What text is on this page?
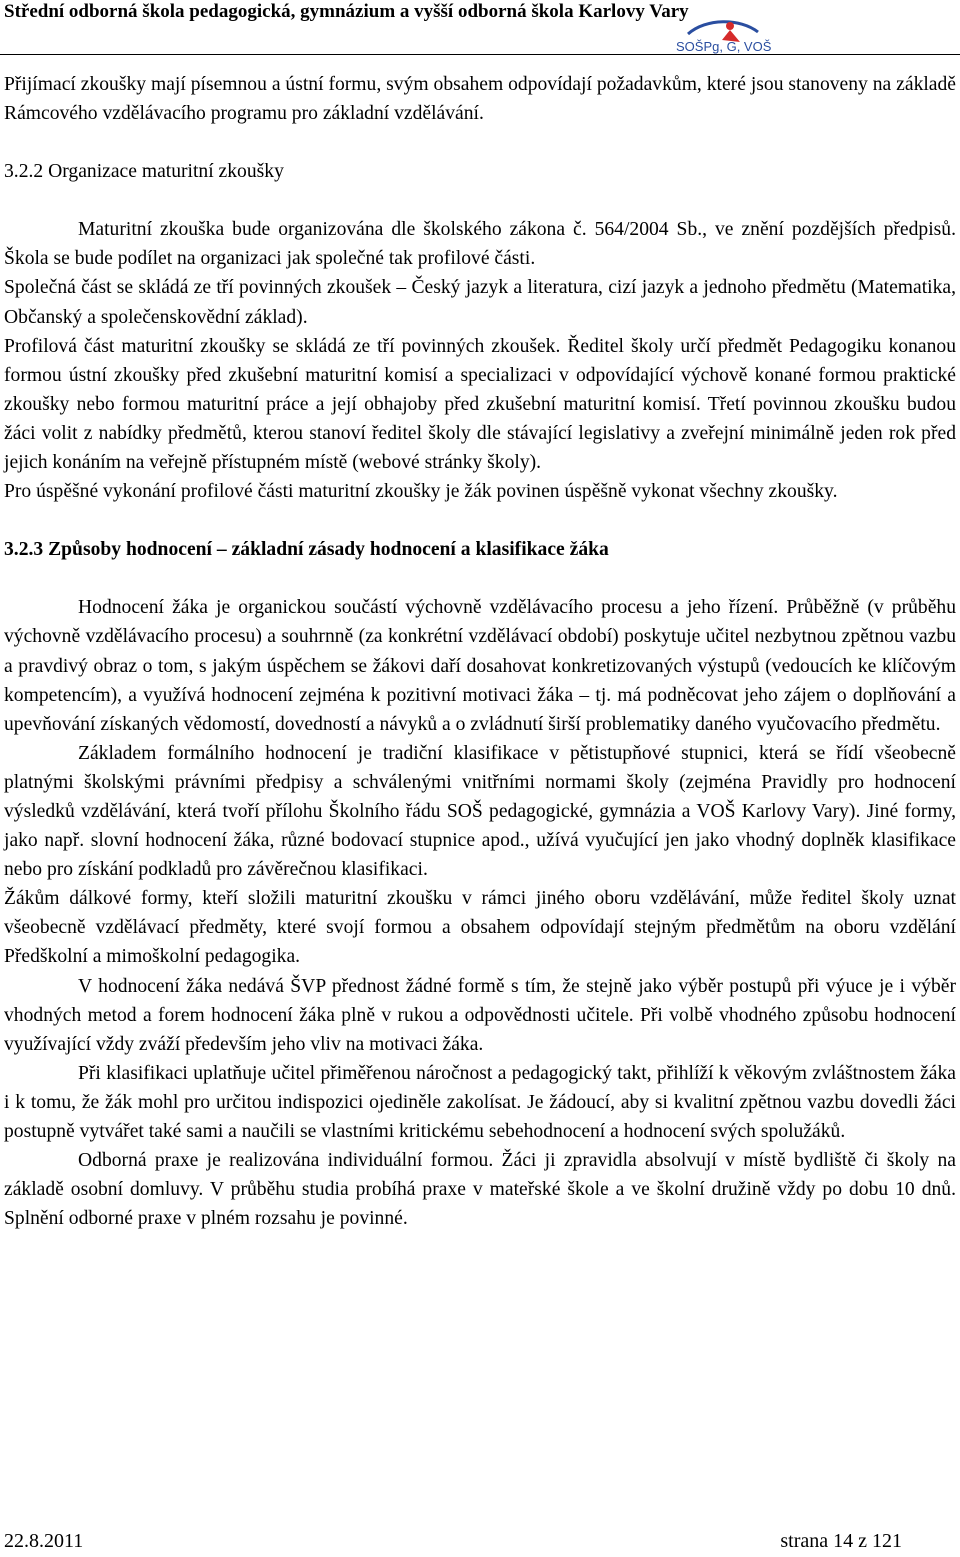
Střední odborná škola pedagogická, gymnázium a vyšší odborná škola Karlovy Vary
SOŠPg, G, VOŠ

Přijímací zkoušky mají písemnou a ústní formu, svým obsahem odpovídají požadavkům, které jsou stanoveny na základě Rámcového vzdělávacího programu pro základní vzdělávání.

3.2.2 Organizace maturitní zkoušky

Maturitní zkouška bude organizována dle školského zákona č. 564/2004 Sb., ve znění pozdějších předpisů. Škola se bude podílet na organizaci jak společné tak profilové části.

Společná část se skládá ze tří povinných zkoušek – Český jazyk a literatura, cizí jazyk a jednoho předmětu (Matematika, Občanský a společenskovědní základ).

Profilová část maturitní zkoušky se skládá ze tří povinných zkoušek. Ředitel školy určí předmět Pedagogiku konanou formou ústní zkoušky před zkušební maturitní komisí a specializaci v odpovídající výchově konané formou praktické zkoušky nebo formou maturitní práce a její obhajoby před zkušební maturitní komisí. Třetí povinnou zkoušku budou žáci volit z nabídky předmětů, kterou stanoví ředitel školy dle stávající legislativy a zveřejní minimálně jeden rok před jejich konáním na veřejně přístupném místě (webové stránky školy).

Pro úspěšné vykonání profilové části maturitní zkoušky je žák povinen úspěšně vykonat všechny zkoušky.

3.2.3 Způsoby hodnocení – základní zásady hodnocení a klasifikace žáka

Hodnocení žáka je organickou součástí výchovně vzdělávacího procesu a jeho řízení. Průběžně (v průběhu výchovně vzdělávacího procesu) a souhrnně (za konkrétní vzdělávací období) poskytuje učitel nezbytnou zpětnou vazbu a pravdivý obraz o tom, s jakým úspěchem se žákovi daří dosahovat konkretizovaných výstupů (vedoucích ke klíčovým kompetencím), a využívá hodnocení zejména k pozitivní motivaci žáka – tj. má podněcovat jeho zájem o doplňování a upevňování získaných vědomostí, dovedností a návyků a o zvládnutí širší problematiky daného vyučovacího předmětu.

Základem formálního hodnocení je tradiční klasifikace v pětistupňové stupnici, která se řídí všeobecně platnými školskými právními předpisy a schválenými vnitřními normami školy (zejména Pravidly pro hodnocení výsledků vzdělávání, která tvoří přílohu Školního řádu SOŠ pedagogické, gymnázia a VOŠ Karlovy Vary). Jiné formy, jako např. slovní hodnocení žáka, různé bodovací stupnice apod., užívá vyučující jen jako vhodný doplněk klasifikace nebo pro získání podkladů pro závěrečnou klasifikaci.

Žákům dálkové formy, kteří složili maturitní zkoušku v rámci jiného oboru vzdělávání, může ředitel školy uznat všeobecně vzdělávací předměty, které svojí formou a obsahem odpovídají stejným předmětům na oboru vzdělání Předškolní a mimoškolní pedagogika.

V hodnocení žáka nedává ŠVP přednost žádné formě s tím, že stejně jako výběr postupů při výuce je i výběr vhodných metod a forem hodnocení žáka plně v rukou a odpovědnosti učitele. Při volbě vhodného způsobu hodnocení využívající vždy zváží především jeho vliv na motivaci žáka.

Při klasifikaci uplatňuje učitel přiměřenou náročnost a pedagogický takt, přihlíží k věkovým zvláštnostem žáka i k tomu, že žák mohl pro určitou indispozici ojediněle zakolísat. Je žádoucí, aby si kvalitní zpětnou vazbu dovedli žáci postupně vytvářet také sami a naučili se vlastními kritickému sebehodnocení a hodnocení svých spolužáků.

Odborná praxe je realizována individuální formou. Žáci ji zpravidla absolvují v místě bydliště či školy na základě osobní domluvy. V průběhu studia probíhá praxe v mateřské škole a ve školní družině vždy po dobu 10 dnů. Splnění odborné praxe v plném rozsahu je povinné.

22.8.2011	strana 14 z 121
